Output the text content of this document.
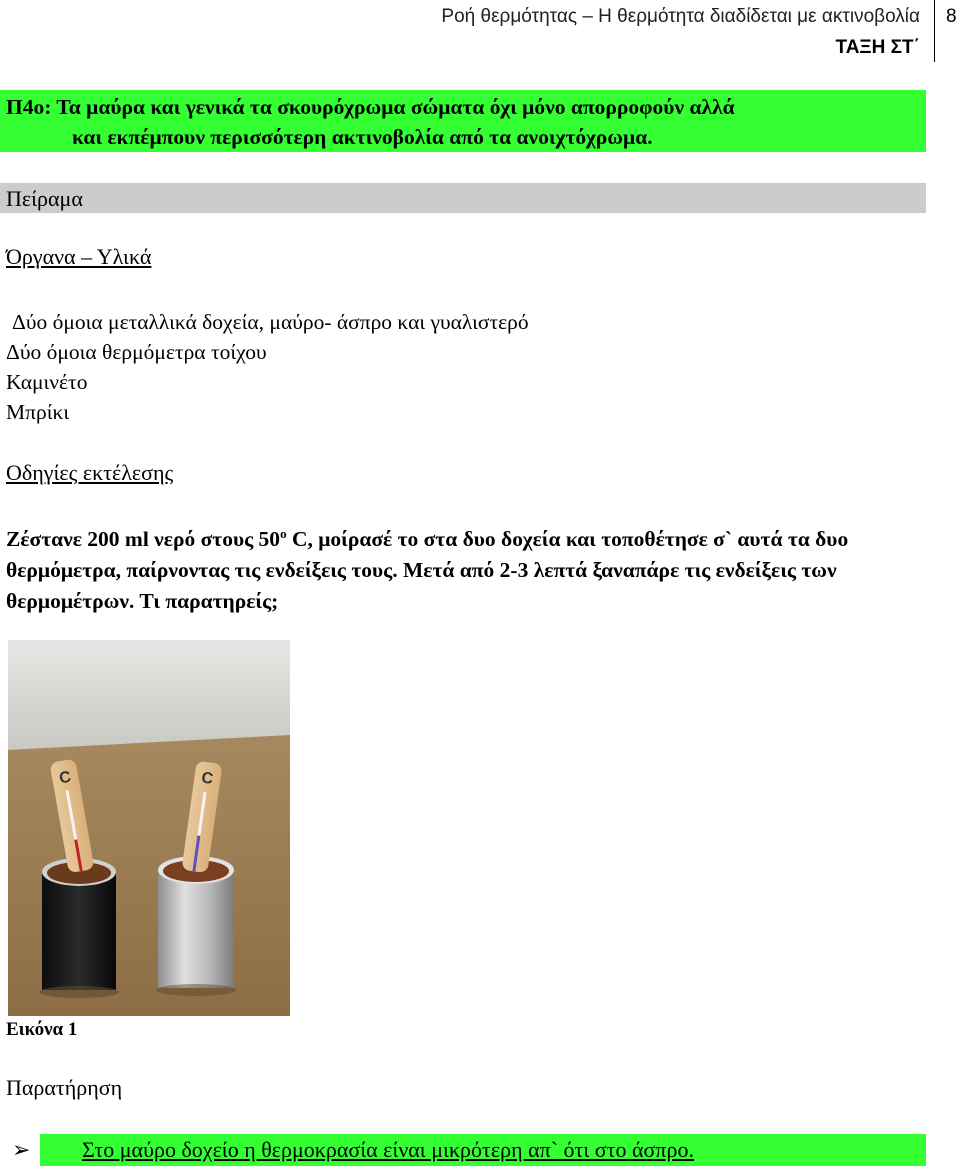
Ροή θερμότητας – Η θερμότητα διαδίδεται με ακτινοβολία
ΤΑΞΗ ΣΤ΄
8
Π4ο: Τα μαύρα και γενικά τα σκουρόχρωμα σώματα όχι μόνο απορροφούν αλλά
και εκπέμπουν περισσότερη ακτινοβολία από τα ανοιχτόχρωμα.
Πείραμα
Όργανα – Υλικά
Δύο όμοια μεταλλικά δοχεία, μαύρο- άσπρο και γυαλιστερό
Δύο όμοια θερμόμετρα τοίχου
Καμινέτο
Μπρίκι
Οδηγίες εκτέλεσης
Ζέστανε 200 ml νερό στους $50^o$ C, μοίρασέ το στα δυο δοχεία και τοποθέτησε σ` αυτά τα δυο θερμόμετρα, παίρνοντας τις ενδείξεις τους. Μετά από 2-3 λεπτά ξαναπάρε τις ενδείξεις των θερμομέτρων. Τι παρατηρείς;
C	C
Εικόνα 1
Παρατήρηση
Στο μαύρο δοχείο η θερμοκρασία είναι μικρότερη απ` ότι στο άσπρο.
➢
